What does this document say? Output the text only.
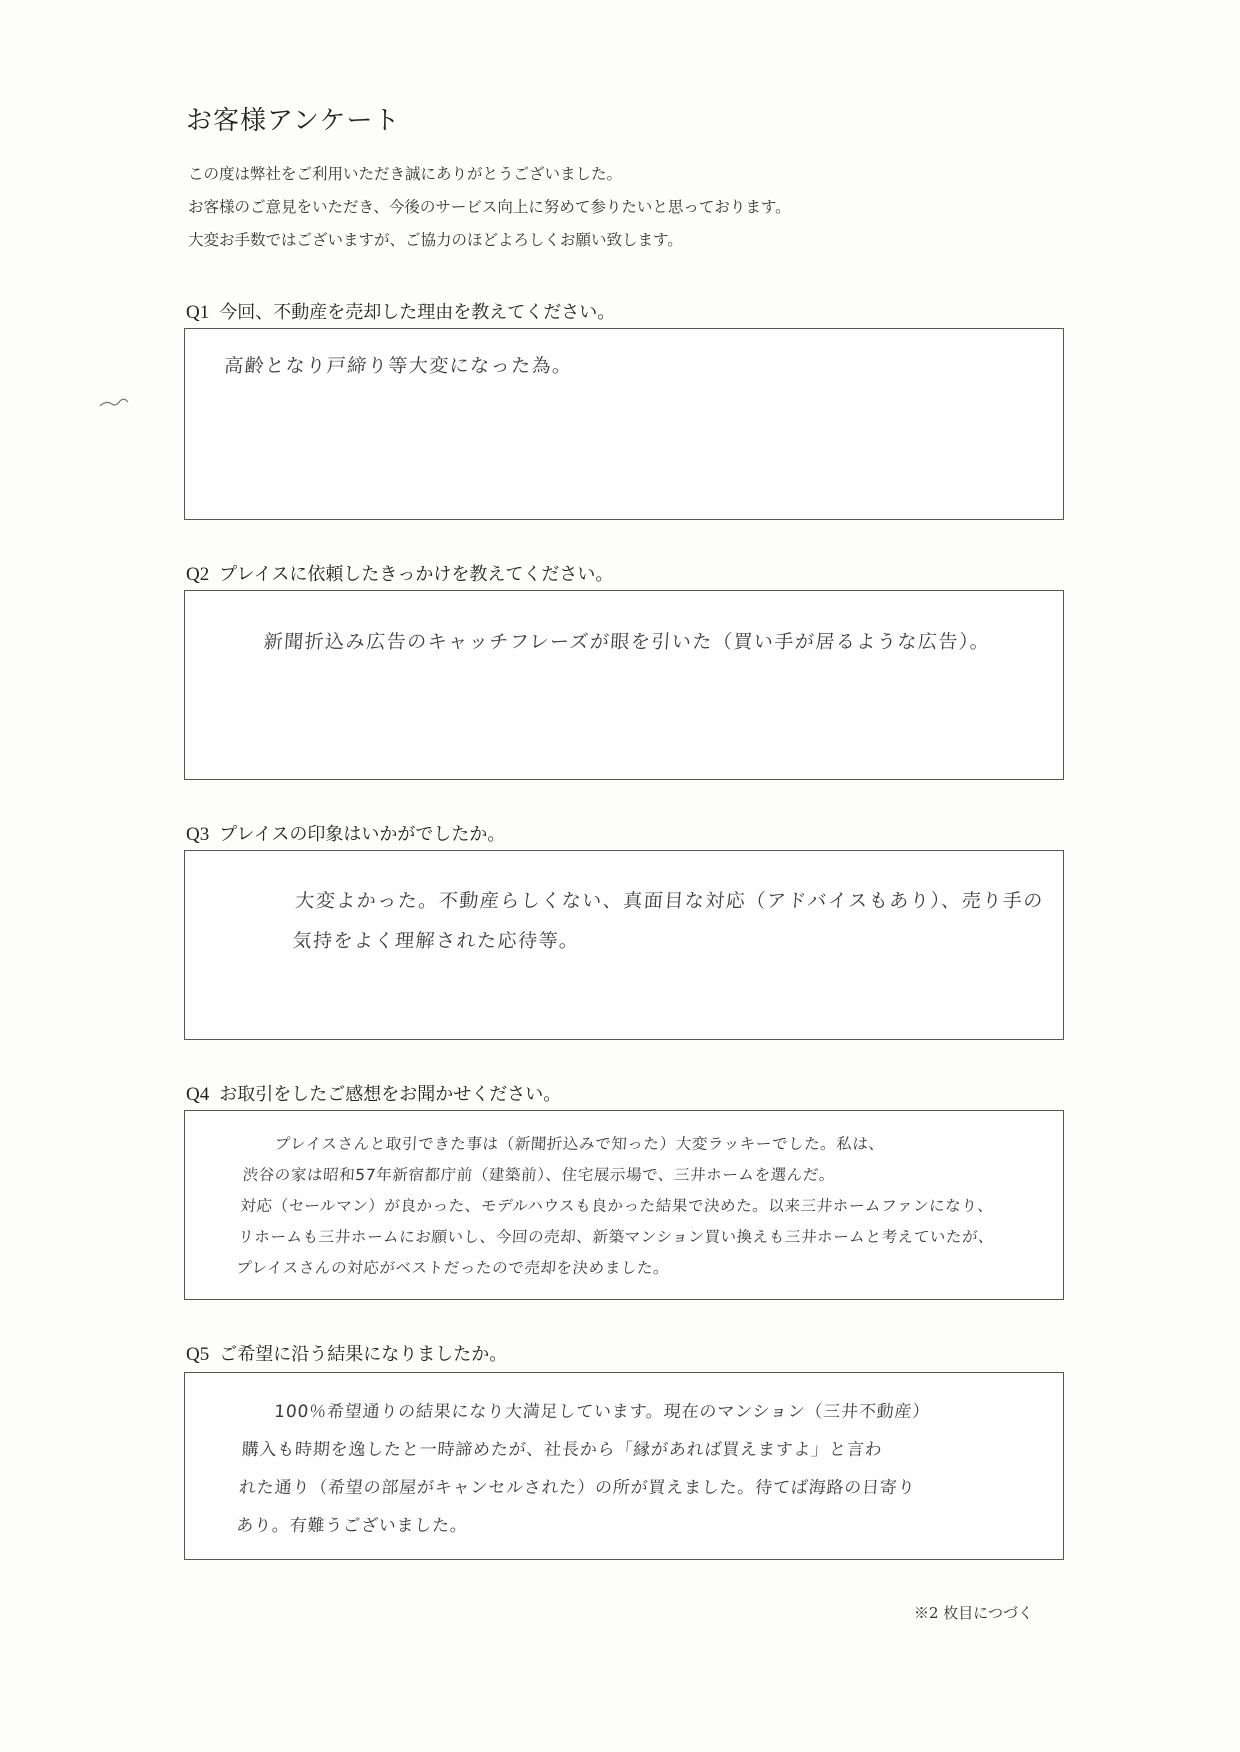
お客様アンケート
この度は弊社をご利用いただき誠にありがとうございました。
お客様のご意見をいただき、今後のサービス向上に努めて参りたいと思っております。
大変お手数ではございますが、ご協力のほどよろしくお願い致します。
Q1 今回、不動産を売却した理由を教えてください。
高齢となり戸締り等大変になった為。
Q2 プレイスに依頼したきっかけを教えてください。
新聞折込み広告のキャッチフレーズが眼を引いた（買い手が居るような広告）。
Q3 プレイスの印象はいかがでしたか。
大変よかった。不動産らしくない、真面目な対応（アドバイスもあり）、売り手の
気持をよく理解された応待等。
Q4 お取引をしたご感想をお聞かせください。
プレイスさんと取引できた事は（新聞折込みで知った）大変ラッキーでした。私は、
渋谷の家は昭和57年新宿都庁前（建築前）、住宅展示場で、三井ホームを選んだ。
対応（セールマン）が良かった、モデルハウスも良かった結果で決めた。以来三井ホームファンになり、
リホームも三井ホームにお願いし、今回の売却、新築マンション買い換えも三井ホームと考えていたが、
プレイスさんの対応がベストだったので売却を決めました。
Q5 ご希望に沿う結果になりましたか。
100％希望通りの結果になり大満足しています。現在のマンション（三井不動産）
購入も時期を逸したと一時諦めたが、社長から「縁があれば買えますよ」と言わ
れた通り（希望の部屋がキャンセルされた）の所が買えました。待てば海路の日寄り
あり。有難うございました。
※2 枚目につづく
